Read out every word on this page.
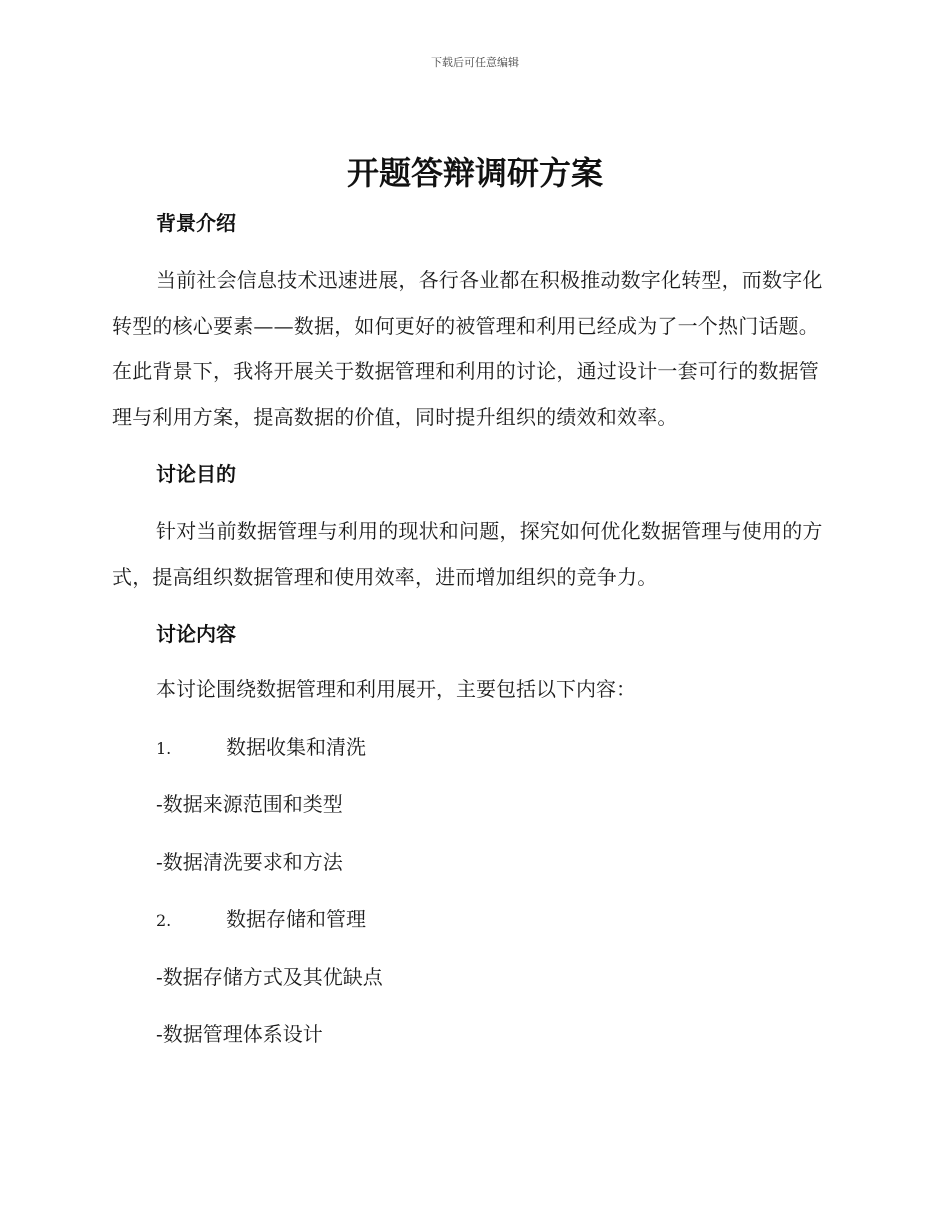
下载后可任意编辑
开题答辩调研方案
背景介绍

当前社会信息技术迅速进展，各行各业都在积极推动数字化转型，而数字化转型的核心要素——数据，如何更好的被管理和利用已经成为了一个热门话题。在此背景下，我将开展关于数据管理和利用的讨论，通过设计一套可行的数据管理与利用方案，提高数据的价值，同时提升组织的绩效和效率。

讨论目的

针对当前数据管理与利用的现状和问题，探究如何优化数据管理与使用的方式，提高组织数据管理和使用效率，进而增加组织的竞争力。

讨论内容

本讨论围绕数据管理和利用展开，主要包括以下内容：

1.	数据收集和清洗

-数据来源范围和类型

-数据清洗要求和方法

2.	数据存储和管理

-数据存储方式及其优缺点

-数据管理体系设计
